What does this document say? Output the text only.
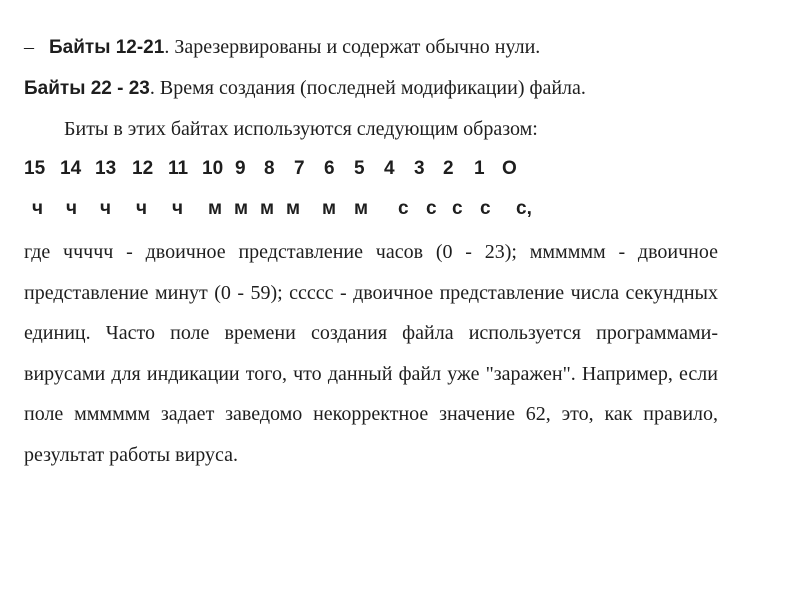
– Байты 12-21. Зарезервированы и содержат обычно нули.
Байты 22 - 23. Время создания (последней модификации) файла.
Биты в этих байтах используются следующим образом:
15 14 13 12 11 10 9 8 7 6 5 4 3 2 1 O
ч ч ч ч ч м м м м м м с с с с с,
где ччччч - двоичное представление часов (0 - 23); мммммм - двоичное представление минут (0 - 59); ссссс - двоичное представление числа секундных единиц. Часто поле времени создания файла используется программами- вирусами для индикации того, что данный файл уже "заражен". Например, если поле мммммм задает заведомо некорректное значение 62, это, как правило, результат работы вируса.
